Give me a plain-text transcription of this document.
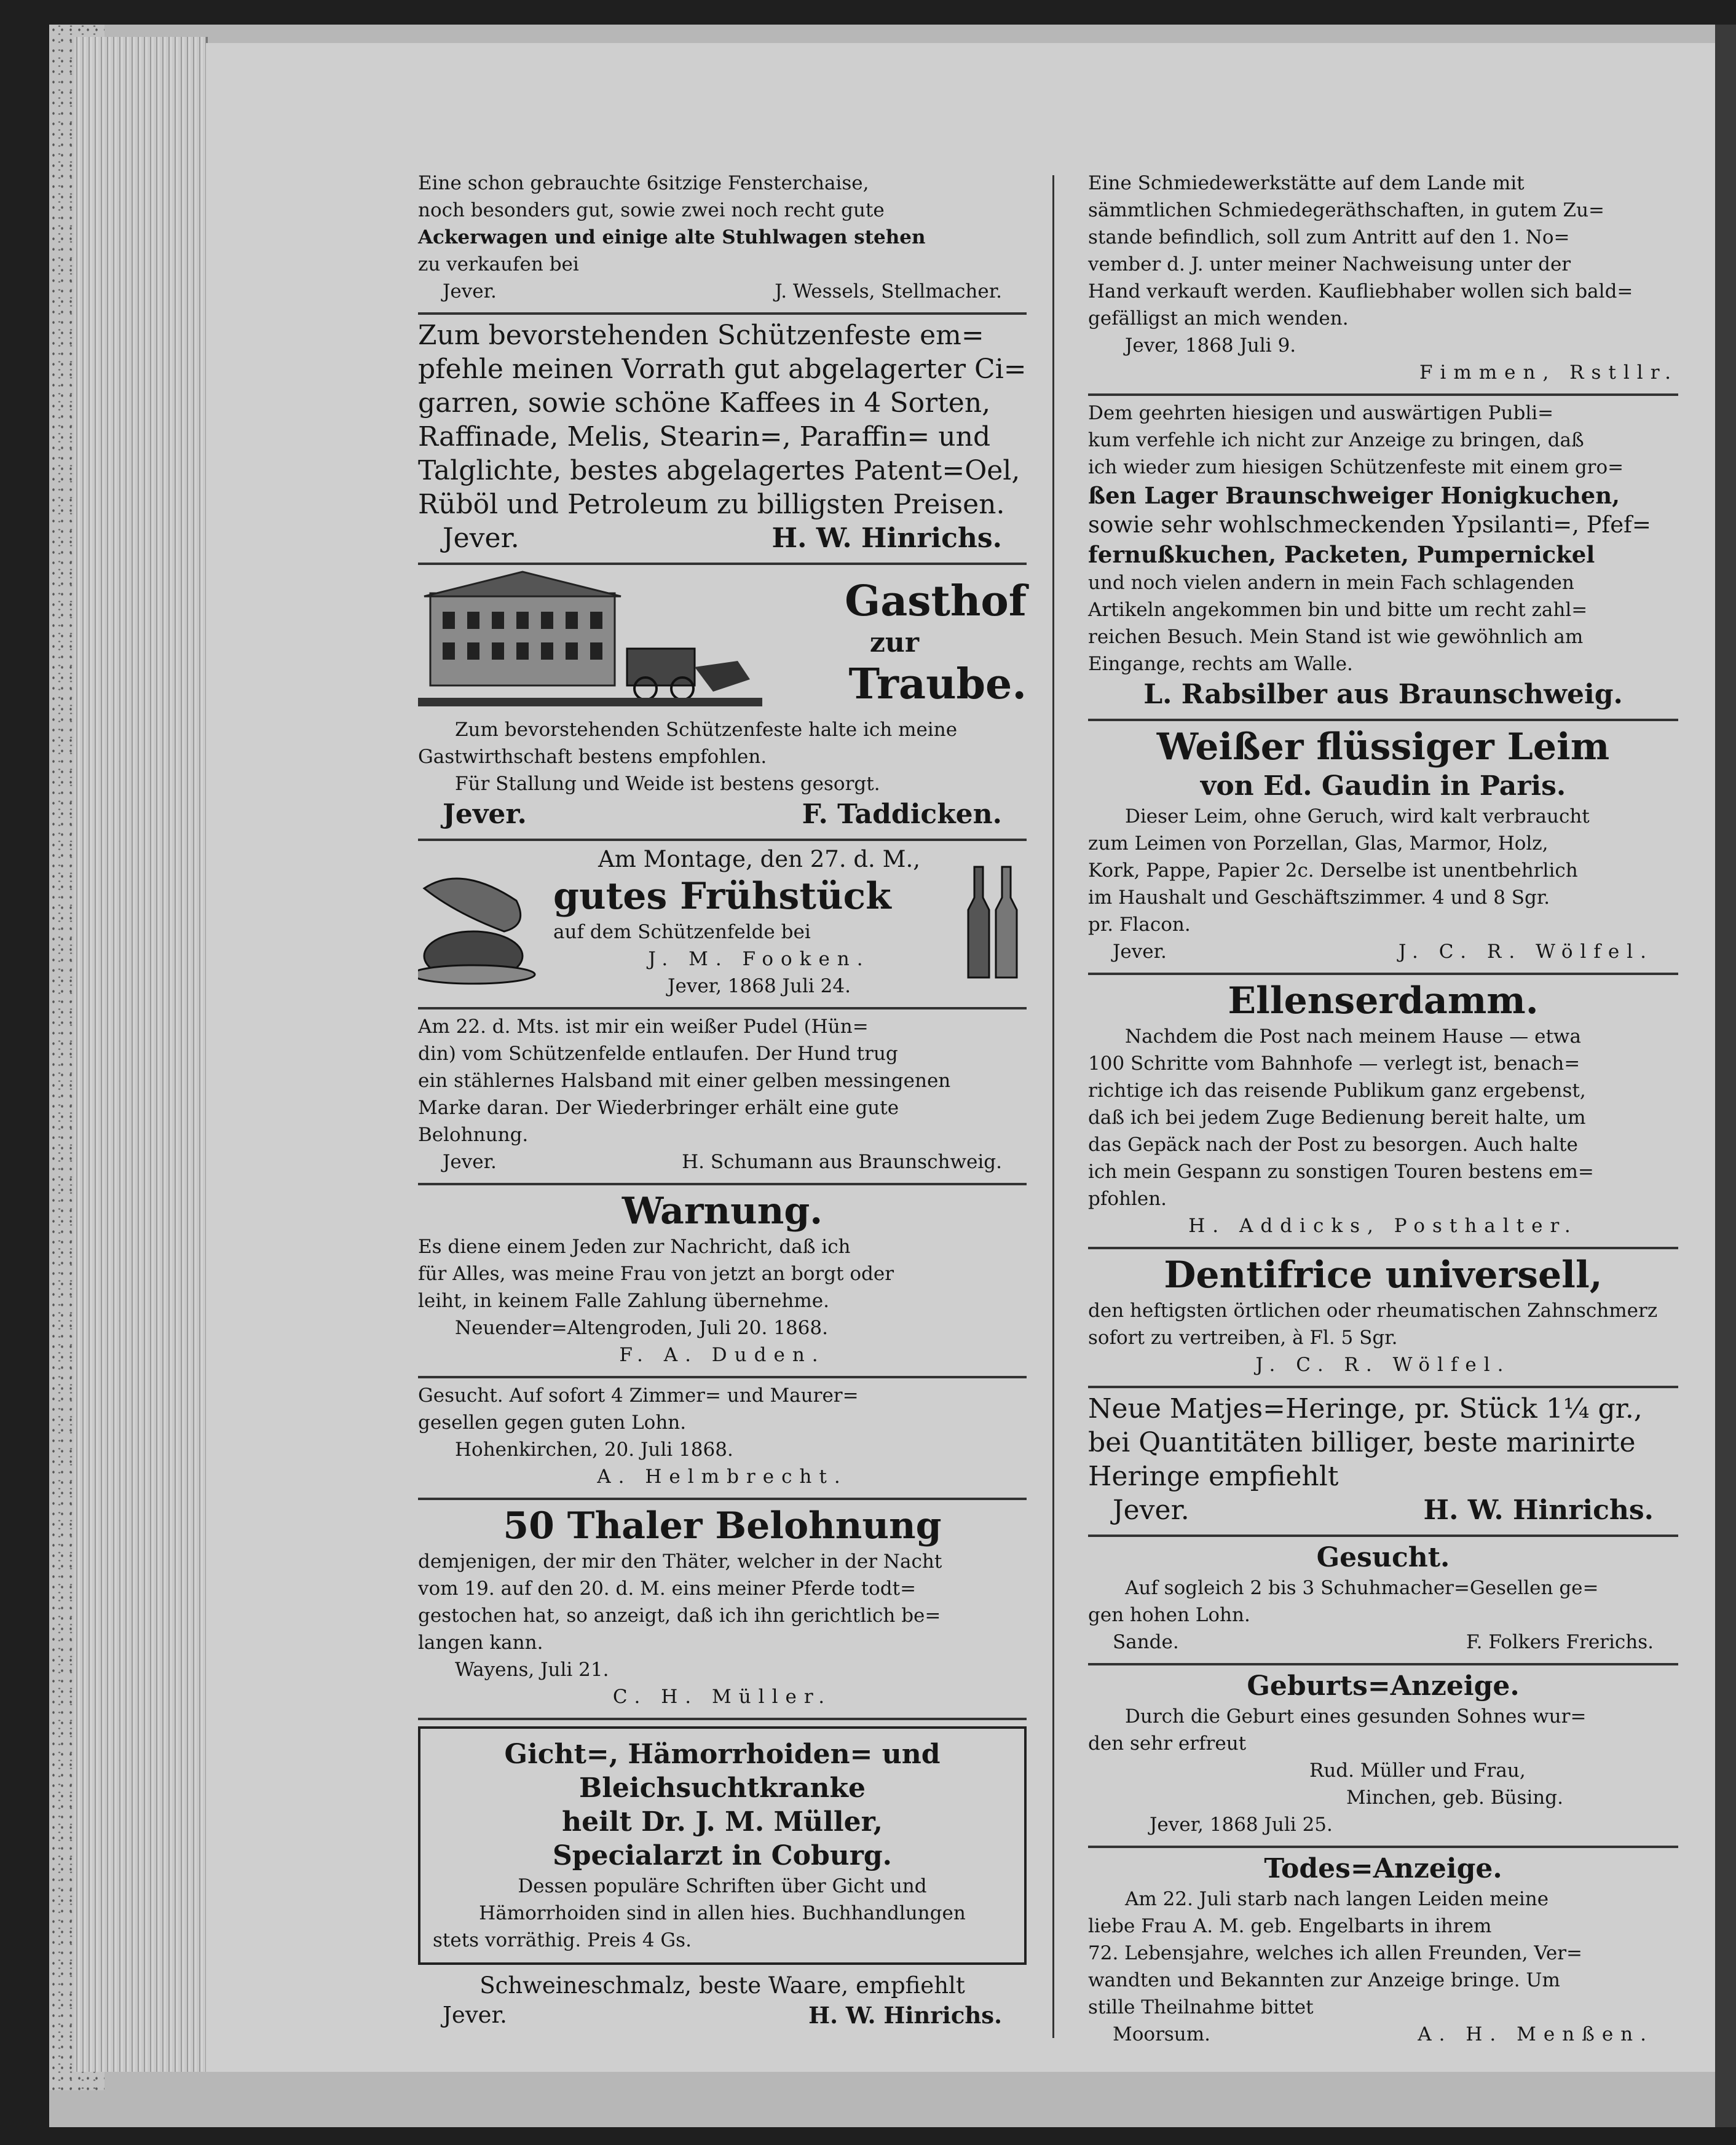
Eine schon gebrauchte 6sitzige Fensterchaise,

noch besonders gut, sowie zwei noch recht gute

Ackerwagen und einige alte Stuhlwagen stehen

zu verkaufen bei

Jever.	J. Wessels, Stellmacher.

Zum bevorstehenden Schützenfeste em=

pfehle meinen Vorrath gut abgelagerter Ci=

garren, sowie schöne Kaffees in 4 Sorten,

Raffinade, Melis, Stearin=, Paraffin= und

Talglichte, bestes abgelagertes Patent=Oel,

Rüböl und Petroleum zu billigsten Preisen.

Jever.	H. W. Hinrichs.
Gasthof
zur
Traube.

Zum bevorstehenden Schützenfeste halte ich meine

Gastwirthschaft bestens empfohlen.

Für Stallung und Weide ist bestens gesorgt.

Jever.	F. Taddicken.

Am Montage, den 27. d. M.,

gutes Frühstück

auf dem Schützenfelde bei

J. M. Fooken.

Jever, 1868 Juli 24.

Am 22. d. Mts. ist mir ein weißer Pudel (Hün=

din) vom Schützenfelde entlaufen. Der Hund trug

ein stählernes Halsband mit einer gelben messingenen

Marke daran. Der Wiederbringer erhält eine gute

Belohnung.

Jever.	H. Schumann aus Braunschweig.

Warnung.

Es diene einem Jeden zur Nachricht, daß ich

für Alles, was meine Frau von jetzt an borgt oder

leiht, in keinem Falle Zahlung übernehme.

Neuender=Altengroden, Juli 20. 1868.

F. A. Duden.

Gesucht. Auf sofort 4 Zimmer= und Maurer=

gesellen gegen guten Lohn.

Hohenkirchen, 20. Juli 1868.

A. Helmbrecht.

50 Thaler Belohnung

demjenigen, der mir den Thäter, welcher in der Nacht

vom 19. auf den 20. d. M. eins meiner Pferde todt=

gestochen hat, so anzeigt, daß ich ihn gerichtlich be=

langen kann.

Wayens, Juli 21.

C. H. Müller.

Gicht=, Hämorrhoiden= und

Bleichsuchtkranke

heilt Dr. J. M. Müller,

Specialarzt in Coburg.

Dessen populäre Schriften über Gicht und

Hämorrhoiden sind in allen hies. Buchhandlungen

stets vorräthig. Preis 4 Gs.

Schweineschmalz, beste Waare, empfiehlt

Jever.	H. W. Hinrichs.

Eine Schmiedewerkstätte auf dem Lande mit

sämmtlichen Schmiedegeräthschaften, in gutem Zu=

stande befindlich, soll zum Antritt auf den 1. No=

vember d. J. unter meiner Nachweisung unter der

Hand verkauft werden. Kaufliebhaber wollen sich bald=

gefälligst an mich wenden.

Jever, 1868 Juli 9.

Fimmen, Rstllr.

Dem geehrten hiesigen und auswärtigen Publi=

kum verfehle ich nicht zur Anzeige zu bringen, daß

ich wieder zum hiesigen Schützenfeste mit einem gro=

ßen Lager Braunschweiger Honigkuchen,

sowie sehr wohlschmeckenden Ypsilanti=, Pfef=

fernußkuchen, Packeten, Pumpernickel

und noch vielen andern in mein Fach schlagenden

Artikeln angekommen bin und bitte um recht zahl=

reichen Besuch. Mein Stand ist wie gewöhnlich am

Eingange, rechts am Walle.

L. Rabsilber aus Braunschweig.

Weißer flüssiger Leim

von Ed. Gaudin in Paris.

Dieser Leim, ohne Geruch, wird kalt verbraucht

zum Leimen von Porzellan, Glas, Marmor, Holz,

Kork, Pappe, Papier 2c. Derselbe ist unentbehrlich

im Haushalt und Geschäftszimmer. 4 und 8 Sgr.

pr. Flacon.

Jever.	J. C. R. Wölfel.

Ellenserdamm.

Nachdem die Post nach meinem Hause — etwa

100 Schritte vom Bahnhofe — verlegt ist, benach=

richtige ich das reisende Publikum ganz ergebenst,

daß ich bei jedem Zuge Bedienung bereit halte, um

das Gepäck nach der Post zu besorgen. Auch halte

ich mein Gespann zu sonstigen Touren bestens em=

pfohlen.

H. Addicks, Posthalter.

Dentifrice universell,

den heftigsten örtlichen oder rheumatischen Zahnschmerz

sofort zu vertreiben, à Fl. 5 Sgr.

J. C. R. Wölfel.

Neue Matjes=Heringe, pr. Stück 1¼ gr.,

bei Quantitäten billiger, beste marinirte

Heringe empfiehlt

Jever.	H. W. Hinrichs.

Gesucht.

Auf sogleich 2 bis 3 Schuhmacher=Gesellen ge=

gen hohen Lohn.

Sande.	F. Folkers Frerichs.

Geburts=Anzeige.

Durch die Geburt eines gesunden Sohnes wur=

den sehr erfreut

Rud. Müller und Frau,

Minchen, geb. Büsing.

Jever, 1868 Juli 25.

Todes=Anzeige.

Am 22. Juli starb nach langen Leiden meine

liebe Frau A. M. geb. Engelbarts in ihrem

72. Lebensjahre, welches ich allen Freunden, Ver=

wandten und Bekannten zur Anzeige bringe. Um

stille Theilnahme bittet

Moorsum.	A. H. Menßen.
